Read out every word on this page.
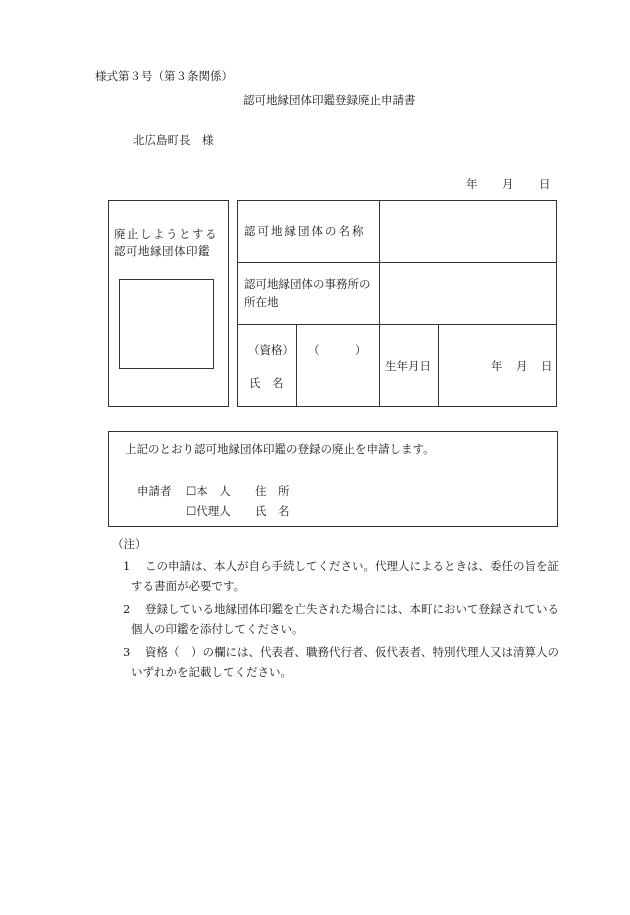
様式第３号（第３条関係）
認可地縁団体印鑑登録廃止申請書
北広島町長　様
年 月 日
廃止しようとする
認可地縁団体印鑑
認可地縁団体の名称
認可地縁団体の事務所の
所在地
（資格）
氏　名
（	）
生年月日	年 月 日
上記のとおり認可地縁団体印鑑の登録の廃止を申請します。
申請者 ☐本　人
☐代理人
住　所
氏　名
（注）
1 この申請は、本人が自ら手続してください。代理人によるときは、委任の旨を証
する書面が必要です。
2 登録している地縁団体印鑑を亡失された場合には、本町において登録されている
個人の印鑑を添付してください。
3 資格（　）の欄には、代表者、職務代行者、仮代表者、特別代理人又は清算人の
いずれかを記載してください。
